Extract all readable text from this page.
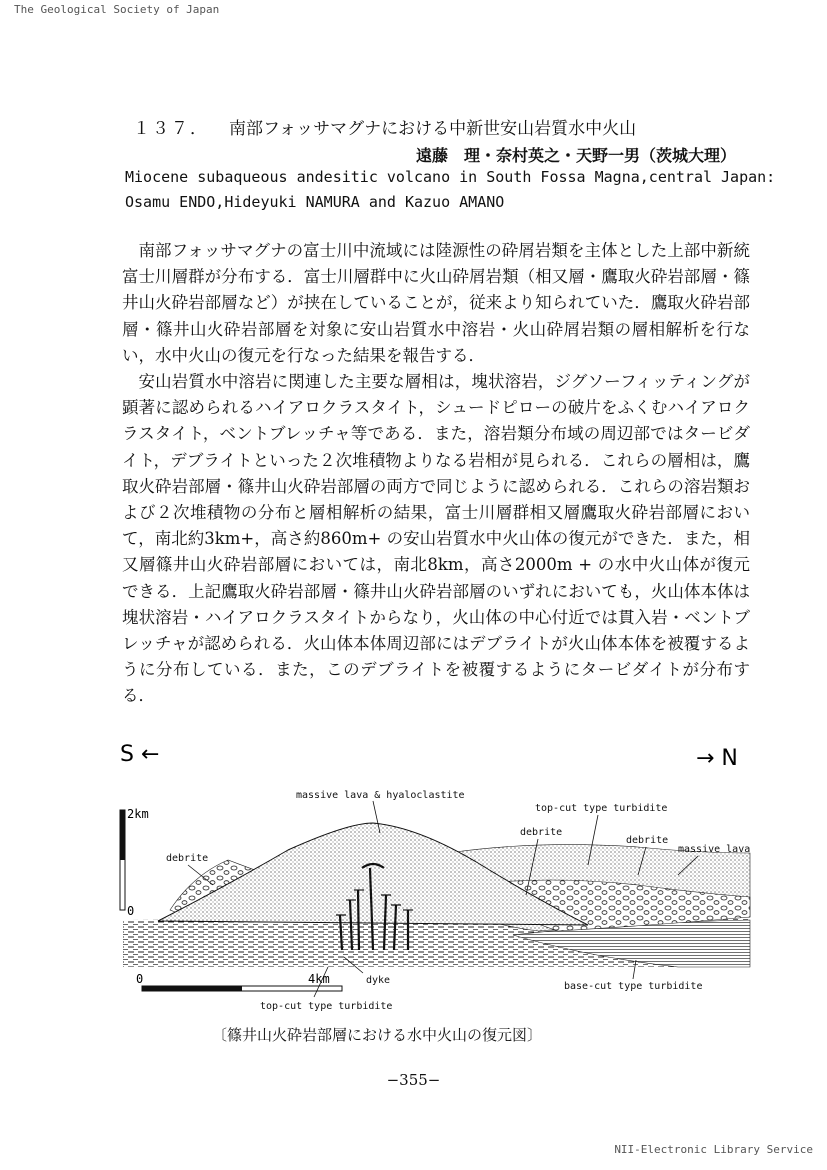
The Geological Society of Japan
１３７． 南部フォッサマグナにおける中新世安山岩質水中火山
遠藤　理・奈村英之・天野一男（茨城大理）
Miocene subaqueous andesitic volcano in South Fossa Magna,central Japan:
Osamu ENDO,Hideyuki NAMURA and Kazuo AMANO

南部フォッサマグナの富士川中流域には陸源性の砕屑岩類を主体とした上部中新統富士川層群が分布する．富士川層群中に火山砕屑岩類（相又層・鷹取火砕岩部層・篠井山火砕岩部層など）が挟在していることが，従来より知られていた．鷹取火砕岩部層・篠井山火砕岩部層を対象に安山岩質水中溶岩・火山砕屑岩類の層相解析を行ない，水中火山の復元を行なった結果を報告する．

安山岩質水中溶岩に関連した主要な層相は，塊状溶岩，ジグソーフィッティングが顕著に認められるハイアロクラスタイト，シュードピローの破片をふくむハイアロクラスタイト，ベントブレッチャ等である．また，溶岩類分布域の周辺部ではタービダイト，デブライトといった２次堆積物よりなる岩相が見られる．これらの層相は，鷹取火砕岩部層・篠井山火砕岩部層の両方で同じように認められる．これらの溶岩類および２次堆積物の分布と層相解析の結果，富士川層群相又層鷹取火砕岩部層において，南北約3km+，高さ約860m+ の安山岩質水中火山体の復元ができた．また，相又層篠井山火砕岩部層においては，南北8km，高さ2000m + の水中火山体が復元できる．上記鷹取火砕岩部層・篠井山火砕岩部層のいずれにおいても，火山体本体は塊状溶岩・ハイアロクラスタイトからなり，火山体の中心付近では貫入岩・ベントブレッチャが認められる．火山体本体周辺部にはデブライトが火山体本体を被覆するように分布している．また，このデブライトを被覆するようにタービダイトが分布する．

S ←	→ N
2km
0
0	4km
massive lava & hyaloclastite
top-cut type turbidite
debrite
debrite
debrite
massive lava
dyke
top-cut type turbidite
base-cut type turbidite
〔篠井山火砕岩部層における水中火山の復元図〕
−355−
NII-Electronic Library Service
